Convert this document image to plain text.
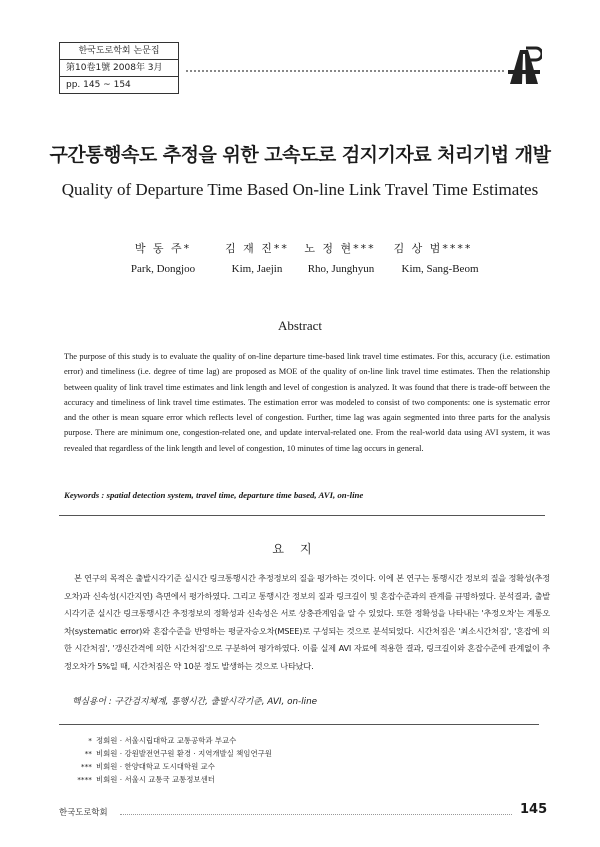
한국도로학회 논문집
第10卷1號 2008年 3月
pp. 145 ~ 154
구간통행속도 추정을 위한 고속도로 검지기자료 처리기법 개발
Quality of Departure Time Based On-line Link Travel Time Estimates
박 동 주*	김 재 진**	노 정 현***	김 상 범****
Park, Dongjoo	Kim, Jaejin	Rho, Junghyun	Kim, Sang-Beom
Abstract
The purpose of this study is to evaluate the quality of on-line departure time-based link travel time estimates. For this, accuracy (i.e. estimation error) and timeliness (i.e. degree of time lag) are proposed as MOE of the quality of on-line link travel time estimates. Then the relationship between quality of link travel time estimates and link length and level of congestion is analyzed. It was found that there is trade-off between the accuracy and timeliness of link travel time estimates. The estimation error was modeled to consist of two components: one is systematic error and the other is mean square error which reflects level of congestion. Further, time lag was again segmented into three parts for the analysis purpose. There are minimum one, congestion-related one, and update interval-related one. From the real-world data using AVI system, it was revealed that regardless of the link length and level of congestion, 10 minutes of time lag occurs in general.
Keywords : spatial detection system, travel time, departure time based, AVI, on-line
요지
본 연구의 목적은 출발시각기준 실시간 링크통행시간 추정정보의 질을 평가하는 것이다. 이에 본 연구는 통행시간 정보의 질을 정확성(추정오차)과 신속성(시간지연) 측면에서 평가하였다. 그리고 통행시간 정보의 질과 링크길이 및 혼잡수준과의 관계를 규명하였다. 분석결과, 출발시각기준 실시간 링크통행시간 추정정보의 정확성과 신속성은 서로 상충관계임을 알 수 있었다. 또한 정확성을 나타내는 '추정오차'는 계통오차(systematic error)와 혼잡수준을 반영하는 평균자승오차(MSEE)로 구성되는 것으로 분석되었다. 시간처짐은 '최소시간처짐', '혼잡에 의한 시간처짐', '갱신간격에 의한 시간처짐'으로 구분하여 평가하였다. 이를 실제 AVI 자료에 적용한 결과, 링크길이와 혼잡수준에 관계없이 추정오차가 5%일 때, 시간처짐은 약 10분 정도 발생하는 것으로 나타났다.
핵심용어 : 구간검지체계, 통행시간, 출발시각기준, AVI, on-line
* 정회원 · 서울시립대학교 교통공학과 부교수
** 비회원 · 강원발전연구원 환경 · 지역개발실 책임연구원
*** 비회원 · 한양대학교 도시대학원 교수
**** 비회원 · 서울시 교통국 교통정보센터
한국도로학회	145
